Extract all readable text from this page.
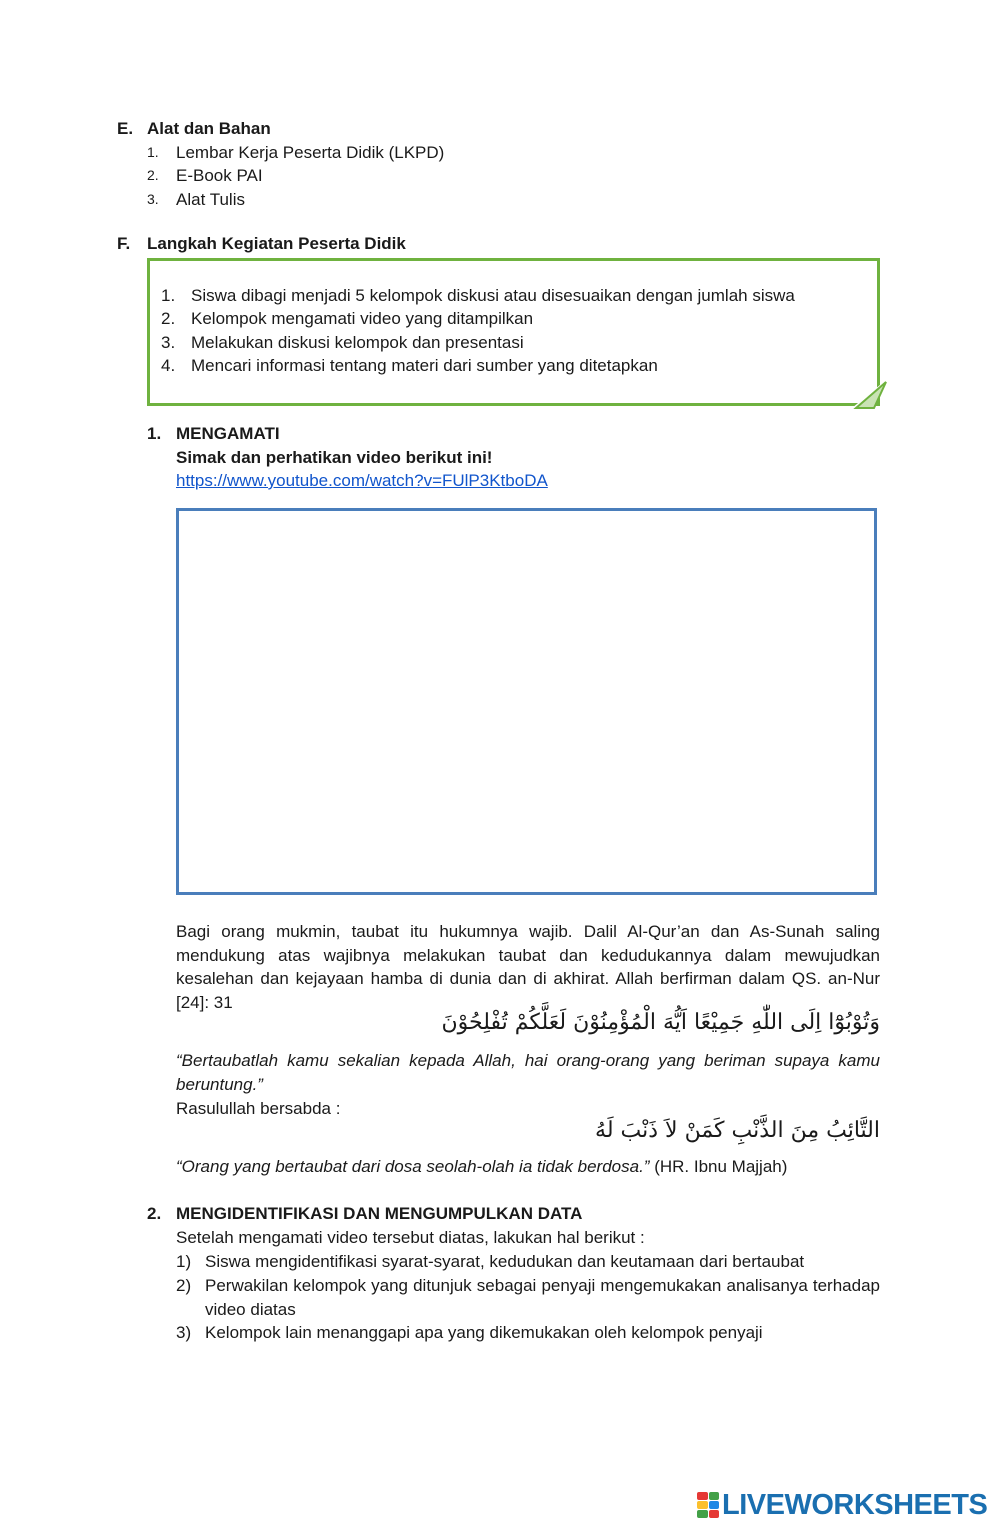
E. Alat dan Bahan
1. Lembar Kerja Peserta Didik (LKPD)
2. E-Book PAI
3. Alat Tulis
F. Langkah Kegiatan Peserta Didik
1. Siswa dibagi menjadi 5 kelompok diskusi atau disesuaikan dengan jumlah siswa
2. Kelompok mengamati video yang ditampilkan
3. Melakukan diskusi kelompok dan presentasi
4. Mencari informasi tentang materi dari sumber yang ditetapkan
1. MENGAMATI
Simak dan perhatikan video berikut ini!
https://www.youtube.com/watch?v=FUlP3KtboDA
Bagi orang mukmin, taubat itu hukumnya wajib. Dalil Al-Qur’an dan As-Sunah saling mendukung atas wajibnya melakukan taubat dan kedudukannya dalam mewujudkan kesalehan dan kejayaan hamba di dunia dan di akhirat. Allah berfirman dalam QS. an-Nur [24]: 31
وَتُوْبُوْٓا اِلَى اللّٰهِ جَمِيْعًا اَيُّهَ الْمُؤْمِنُوْنَ لَعَلَّكُمْ تُفْلِحُوْنَ
“Bertaubatlah kamu sekalian kepada Allah, hai orang-orang yang beriman supaya kamu beruntung.”
Rasulullah bersabda :
التَّائِبُ مِنَ الذَّنْبِ كَمَنْ لاَ ذَنْبَ لَهُ
“Orang yang bertaubat dari dosa seolah-olah ia tidak berdosa.” (HR. Ibnu Majjah)
2. MENGIDENTIFIKASI DAN MENGUMPULKAN DATA
Setelah mengamati video tersebut diatas, lakukan hal berikut :
1) Siswa mengidentifikasi syarat-syarat, kedudukan dan keutamaan dari bertaubat
2) Perwakilan kelompok yang ditunjuk sebagai penyaji mengemukakan analisanya terhadap video diatas
3) Kelompok lain menanggapi apa yang dikemukakan oleh kelompok penyaji
LIVEWORKSHEETS
